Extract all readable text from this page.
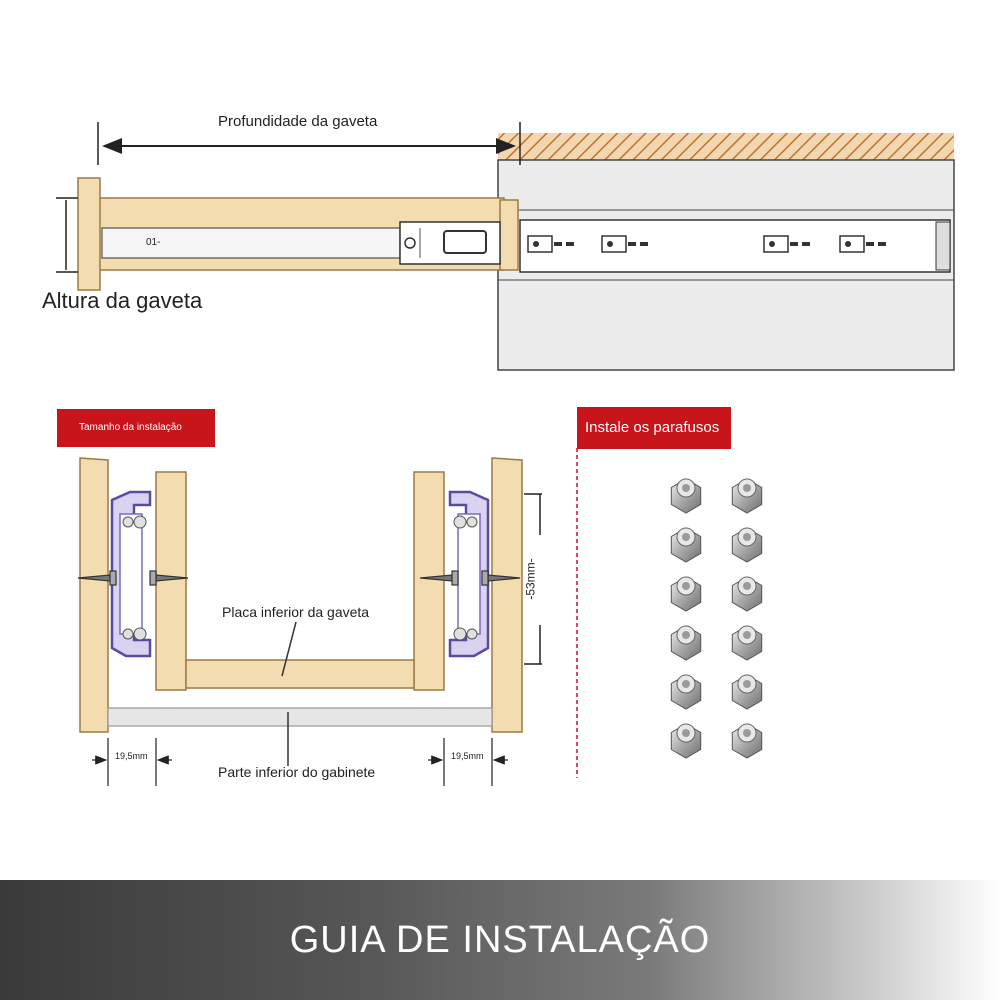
Profundidade da gaveta
Altura da gaveta
01-
Tamanho da instalação	Instale os parafusos
Placa inferior da gaveta
Parte inferior do gabinete
19,5mm	19,5mm
-53mm-
GUIA DE INSTALAÇÃO
